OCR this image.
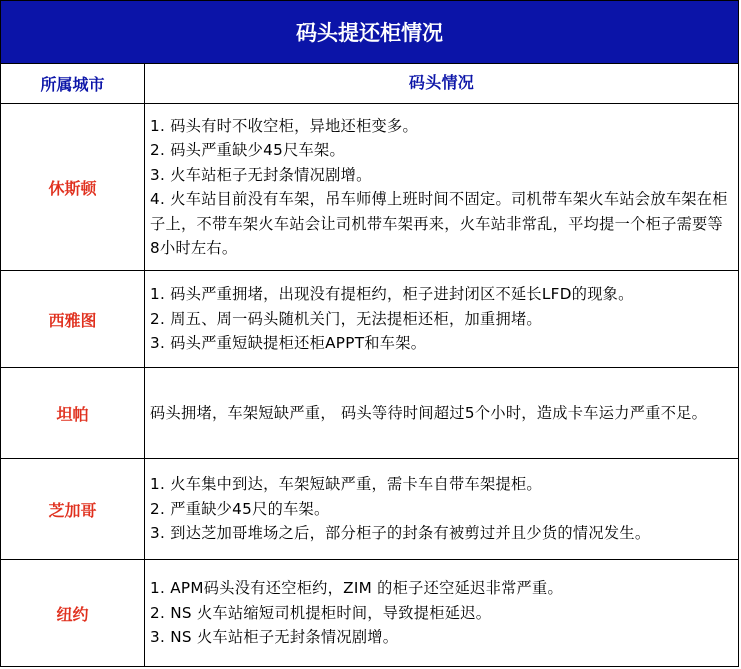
码头提还柜情况
所属城市	码头情况
休斯顿
1. 码头有时不收空柜，异地还柜变多。
2. 码头严重缺少45尺车架。
3. 火车站柜子无封条情况剧增。
4. 火车站目前没有车架，吊车师傅上班时间不固定。司机带车架火车站会放车架在柜子上，不带车架火车站会让司机带车架再来，火车站非常乱，平均提一个柜子需要等8小时左右。
西雅图
1. 码头严重拥堵，出现没有提柜约，柜子进封闭区不延长LFD的现象。
2. 周五、周一码头随机关门，无法提柜还柜，加重拥堵。
3. 码头严重短缺提柜还柜APPT和车架。
坦帕	码头拥堵，车架短缺严重， 码头等待时间超过5个小时，造成卡车运力严重不足。
芝加哥
1. 火车集中到达，车架短缺严重，需卡车自带车架提柜。
2. 严重缺少45尺的车架。
3. 到达芝加哥堆场之后，部分柜子的封条有被剪过并且少货的情况发生。
纽约
1. APM码头没有还空柜约，ZIM 的柜子还空延迟非常严重。
2. NS 火车站缩短司机提柜时间，导致提柜延迟。
3. NS 火车站柜子无封条情况剧增。
